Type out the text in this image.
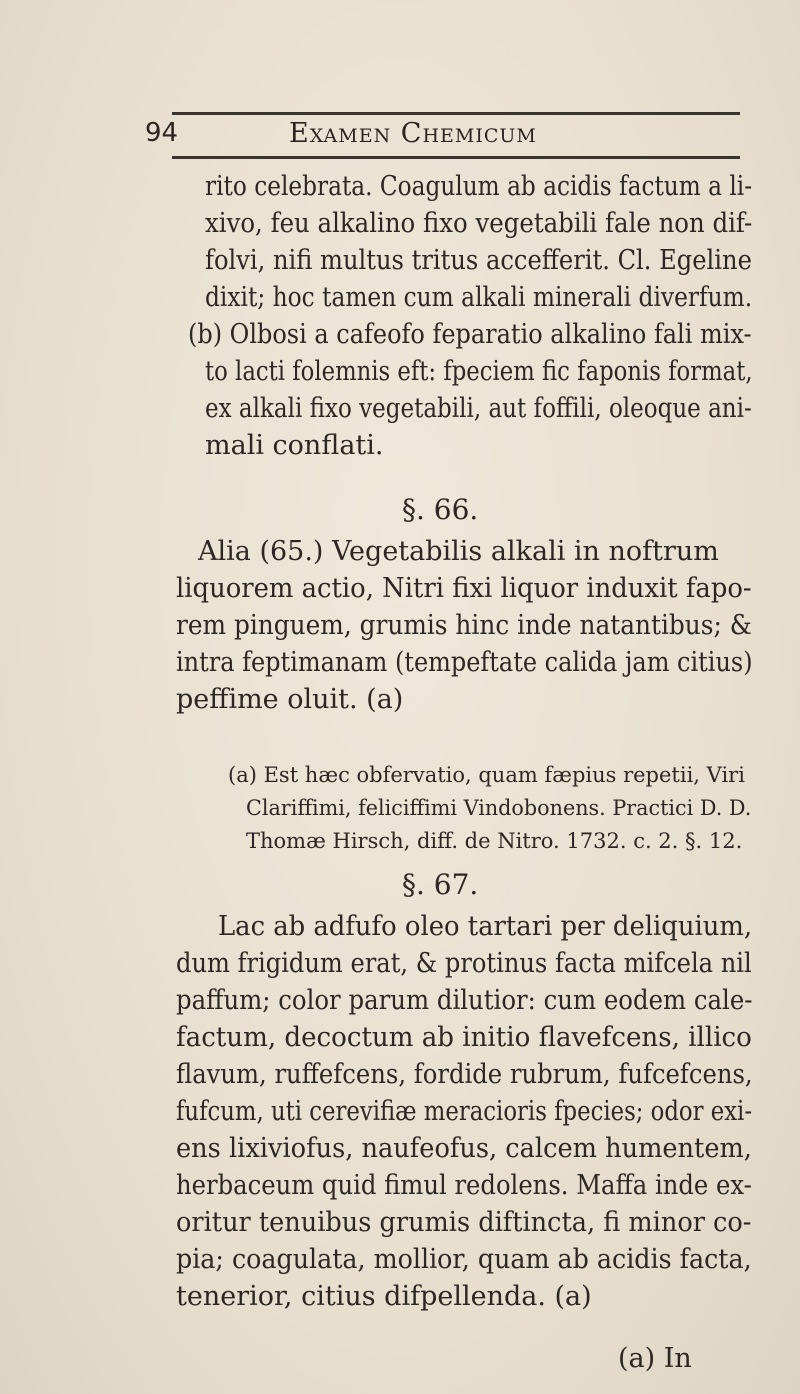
94	Examen Chemicum
rito celebrata. Coagulum ab acidis factum a li-
xivo, feu alkalino fixo vegetabili fale non dif-
folvi, nifi multus tritus accefferit. Cl. Egeline
dixit; hoc tamen cum alkali minerali diverfum.
(b) Olbosi a cafeofo feparatio alkalino fali mix-
to lacti folemnis eft: fpeciem fic faponis format,
ex alkali fixo vegetabili, aut foffili, oleoque ani-
mali conflati.
§. 66.
Alia (65.) Vegetabilis alkali in noftrum
liquorem actio, Nitri fixi liquor induxit fapo-
rem pinguem, grumis hinc inde natantibus; &
intra feptimanam (tempeftate calida jam citius)
peffime oluit. (a)
(a) Est hæc obfervatio, quam fæpius repetii, Viri
Clariffimi, feliciffimi Vindobonens. Practici D. D.
Thomæ Hirsch, diff. de Nitro. 1732. c. 2. §. 12.
§. 67.
Lac ab adfufo oleo tartari per deliquium,
dum frigidum erat, & protinus facta mifcela nil
paffum; color parum dilutior: cum eodem cale-
factum, decoctum ab initio flavefcens, illico
flavum, ruffefcens, fordide rubrum, fufcefcens,
fufcum, uti cerevifiæ meracioris fpecies; odor exi-
ens lixiviofus, naufeofus, calcem humentem,
herbaceum quid fimul redolens. Maffa inde ex-
oritur tenuibus grumis diftincta, fi minor co-
pia; coagulata, mollior, quam ab acidis facta,
tenerior, citius difpellenda. (a)
(a) In
